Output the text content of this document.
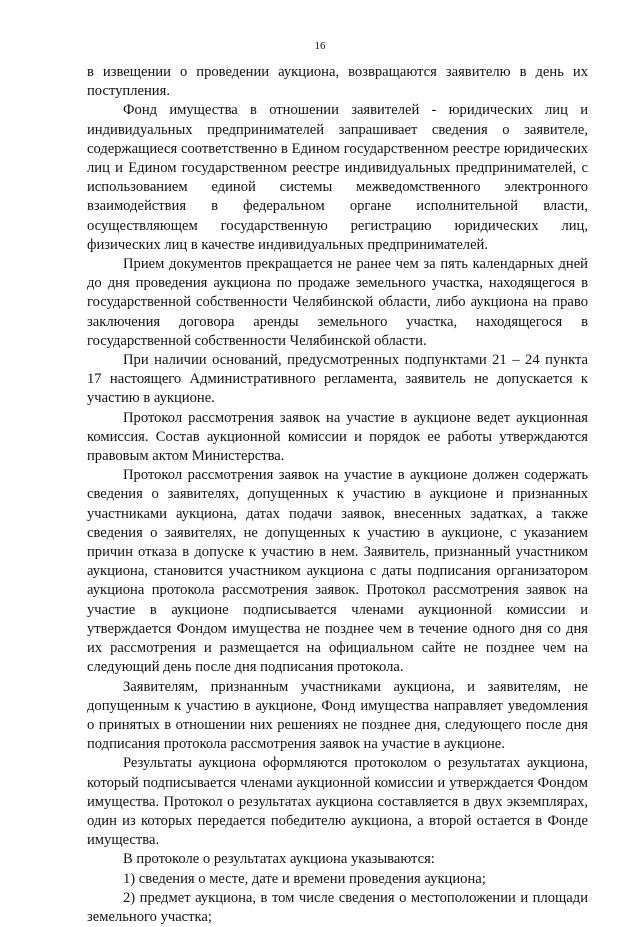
16

в извещении о проведении аукциона, возвращаются заявителю в день их поступления.

Фонд имущества в отношении заявителей - юридических лиц и индивидуальных предпринимателей запрашивает сведения о заявителе, содержащиеся соответственно в Едином государственном реестре юридических лиц и Едином государственном реестре индивидуальных предпринимателей, с использованием единой системы межведомственного электронного взаимодействия в федеральном органе исполнительной власти, осуществляющем государственную регистрацию юридических лиц, физических лиц в качестве индивидуальных предпринимателей.

Прием документов прекращается не ранее чем за пять календарных дней до дня проведения аукциона по продаже земельного участка, находящегося в государственной собственности Челябинской области, либо аукциона на право заключения договора аренды земельного участка, находящегося в государственной собственности Челябинской области.

При наличии оснований, предусмотренных подпунктами 21 – 24 пункта 17 настоящего Административного регламента, заявитель не допускается к участию в аукционе.

Протокол рассмотрения заявок на участие в аукционе ведет аукционная комиссия. Состав аукционной комиссии и порядок ее работы утверждаются правовым актом Министерства.

Протокол рассмотрения заявок на участие в аукционе должен содержать сведения о заявителях, допущенных к участию в аукционе и признанных участниками аукциона, датах подачи заявок, внесенных задатках, а также сведения о заявителях, не допущенных к участию в аукционе, с указанием причин отказа в допуске к участию в нем. Заявитель, признанный участником аукциона, становится участником аукциона с даты подписания организатором аукциона протокола рассмотрения заявок. Протокол рассмотрения заявок на участие в аукционе подписывается членами аукционной комиссии и утверждается Фондом имущества не позднее чем в течение одного дня со дня их рассмотрения и размещается на официальном сайте не позднее чем на следующий день после дня подписания протокола.

Заявителям, признанным участниками аукциона, и заявителям, не допущенным к участию в аукционе, Фонд имущества направляет уведомления о принятых в отношении них решениях не позднее дня, следующего после дня подписания протокола рассмотрения заявок на участие в аукционе.

Результаты аукциона оформляются протоколом о результатах аукциона, который подписывается членами аукционной комиссии и утверждается Фондом имущества. Протокол о результатах аукциона составляется в двух экземплярах, один из которых передается победителю аукциона, а второй остается в Фонде имущества.

В протоколе о результатах аукциона указываются:

1) сведения о месте, дате и времени проведения аукциона;

2) предмет аукциона, в том числе сведения о местоположении и площади земельного участка;
